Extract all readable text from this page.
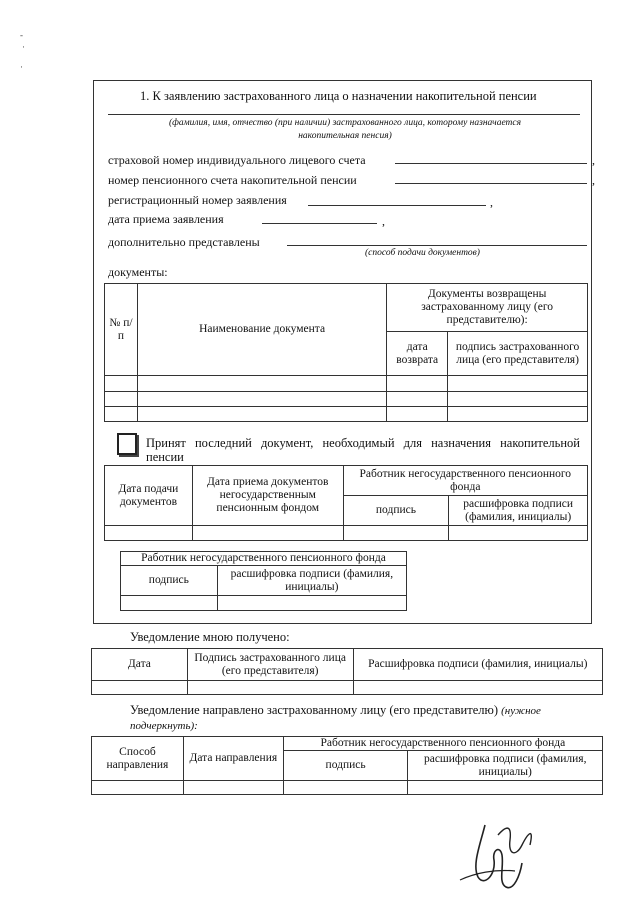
-
·
·
1. К заявлению застрахованного лица о назначении накопительной пенсии
(фамилия, имя, отчество (при наличии) застрахованного лица, которому назначается
накопительная пенсия)
страховой номер индивидуального лицевого счета	,
номер пенсионного счета накопительной пенсии	,
регистрационный номер заявления	,
дата приема заявления	,
дополнительно представлены
(способ подачи документов)
документы:
№ п/п	Наименование документа	Документы возвращены застрахованному лицу (его представителю):	
		дата возврата	подпись застрахованного лица (его представителя)

Принят последний документ, необходимый для назначения накопительной пенсии
Дата подачи документов	Дата приема документов негосударственным пенсионным фондом	Работник негосударственного пенсионного фонда	
		подпись	расшифровка подписи (фамилия, инициалы)

Работник негосударственного пенсионного фонда	
подпись	расшифровка подписи (фамилия, инициалы)

Уведомление мною получено:
Дата	Подпись застрахованного лица (его представителя)	Расшифровка подписи (фамилия, инициалы)

Уведомление направлено застрахованному лицу (его представителю) (нужное подчеркнуть):
Способ направления	Дата направления	Работник негосударственного пенсионного фонда	
		подпись	расшифровка подписи (фамилия, инициалы)
